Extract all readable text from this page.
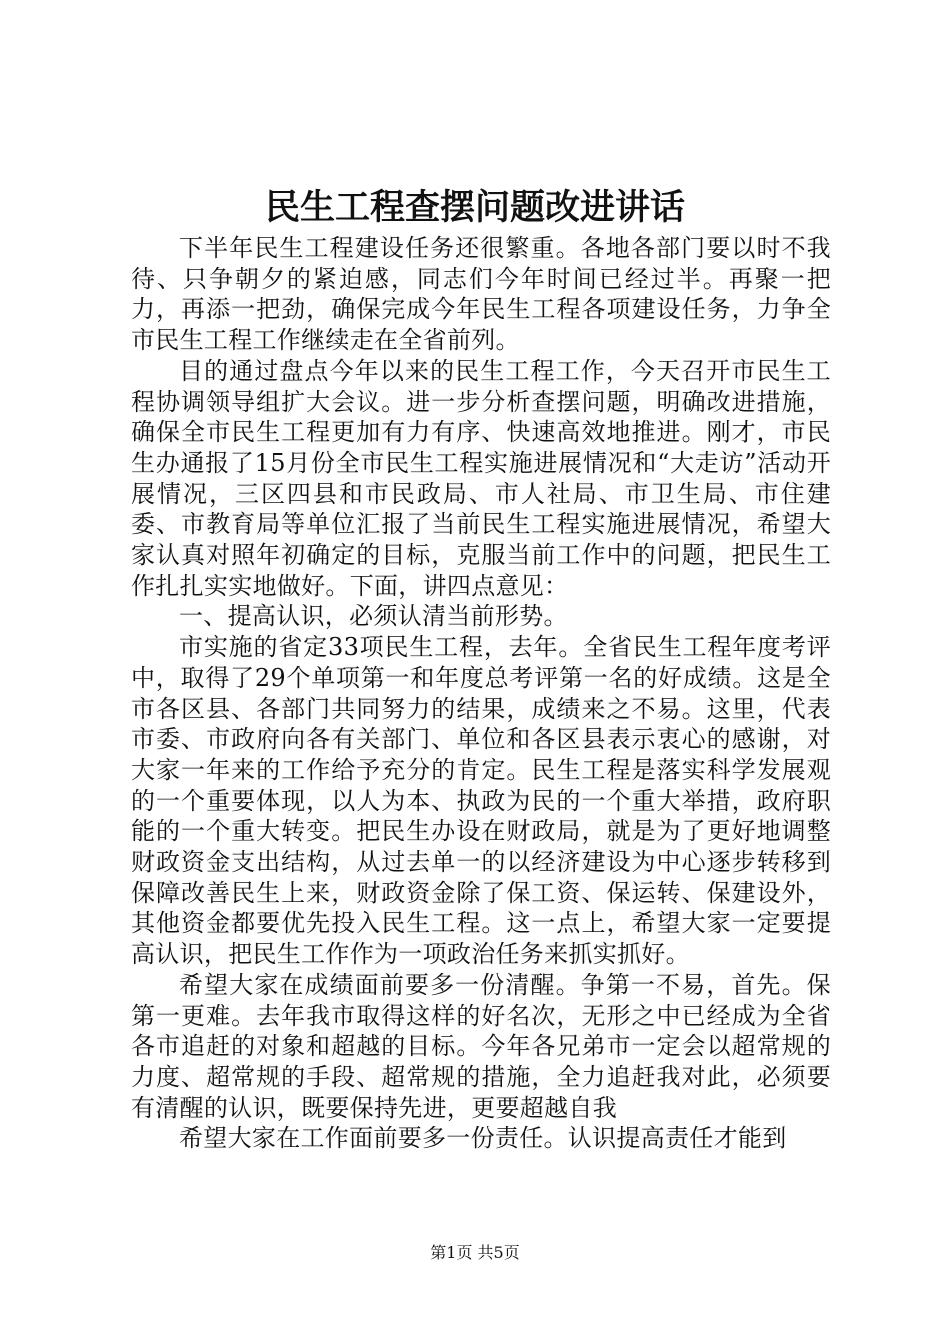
民生工程查摆问题改进讲话

下半年民生工程建设任务还很繁重。各地各部门要以时不我待、只争朝夕的紧迫感，同志们今年时间已经过半。再聚一把力，再添一把劲，确保完成今年民生工程各项建设任务，力争全市民生工程工作继续走在全省前列。

目的通过盘点今年以来的民生工程工作，今天召开市民生工程协调领导组扩大会议。进一步分析查摆问题，明确改进措施，确保全市民生工程更加有力有序、快速高效地推进。刚才，市民生办通报了15月份全市民生工程实施进展情况和“大走访”活动开展情况，三区四县和市民政局、市人社局、市卫生局、市住建委、市教育局等单位汇报了当前民生工程实施进展情况，希望大家认真对照年初确定的目标，克服当前工作中的问题，把民生工作扎扎实实地做好。下面，讲四点意见：

一、提高认识，必须认清当前形势。

市实施的省定33项民生工程，去年。全省民生工程年度考评中，取得了29个单项第一和年度总考评第一名的好成绩。这是全市各区县、各部门共同努力的结果，成绩来之不易。这里，代表市委、市政府向各有关部门、单位和各区县表示衷心的感谢，对大家一年来的工作给予充分的肯定。民生工程是落实科学发展观的一个重要体现，以人为本、执政为民的一个重大举措，政府职能的一个重大转变。把民生办设在财政局，就是为了更好地调整财政资金支出结构，从过去单一的以经济建设为中心逐步转移到保障改善民生上来，财政资金除了保工资、保运转、保建设外，其他资金都要优先投入民生工程。这一点上，希望大家一定要提高认识，把民生工作作为一项政治任务来抓实抓好。

希望大家在成绩面前要多一份清醒。争第一不易，首先。保第一更难。去年我市取得这样的好名次，无形之中已经成为全省各市追赶的对象和超越的目标。今年各兄弟市一定会以超常规的力度、超常规的手段、超常规的措施，全力追赶我对此，必须要有清醒的认识，既要保持先进，更要超越自我

希望大家在工作面前要多一份责任。认识提高责任才能到

第1页 共5页
